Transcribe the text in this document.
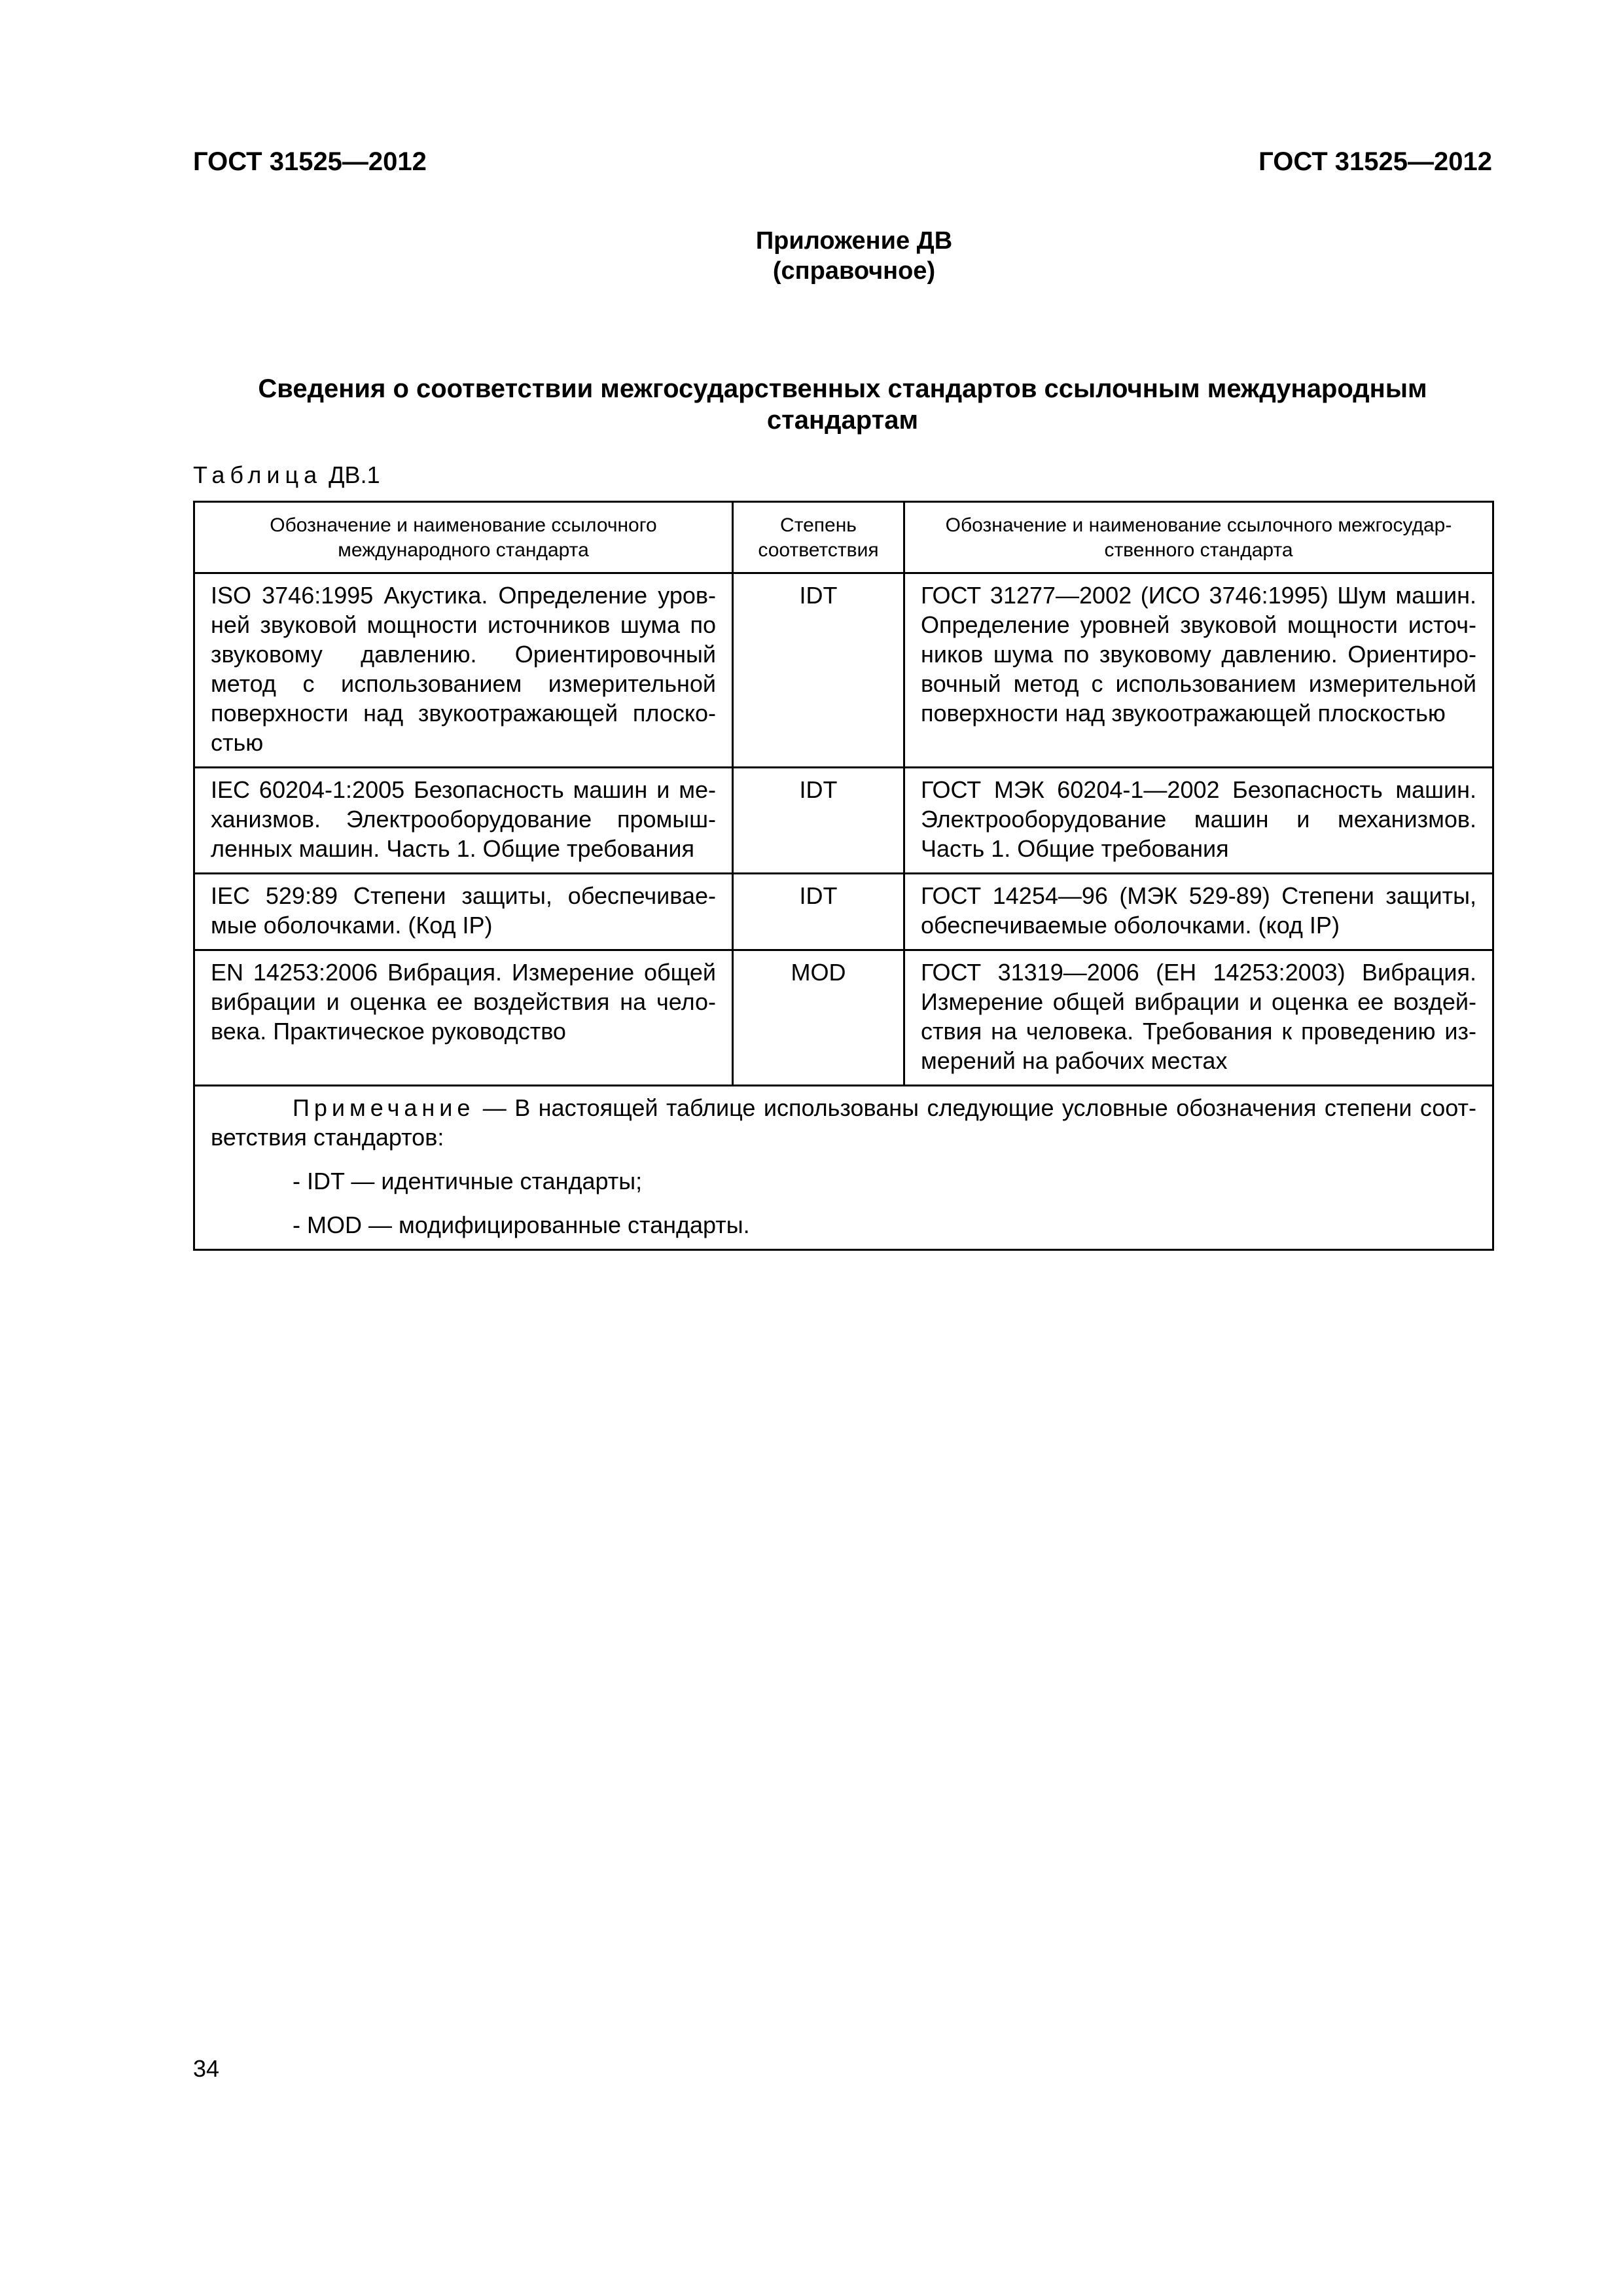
ГОСТ 31525—2012	ГОСТ 31525—2012
Приложение ДВ
(справочное)
Сведения о соответствии межгосударственных стандартов ссылочным международным
стандартам
Таблица ДВ.1
Обозначение и наименование ссылочного международного стандарта	Степень соответствия	Обозначение и наименование ссылочного межгосудар-ственного стандарта
ISO 3746:1995 Акустика. Определение уров-ней звуковой мощности источников шума по звуковому давлению. Ориентировочный метод с использованием измерительной поверхности над звукоотражающей плоско-стью	IDT	ГОСТ 31277—2002 (ИСО 3746:1995) Шум машин. Определение уровней звуковой мощности источ-ников шума по звуковому давлению. Ориентиро-вочный метод с использованием измерительной поверхности над звукоотражающей плоскостью
IEC 60204-1:2005 Безопасность машин и ме-ханизмов. Электрооборудование промыш-ленных машин. Часть 1. Общие требования	IDT	ГОСТ МЭК 60204-1—2002 Безопасность машин. Электрооборудование машин и механизмов. Часть 1. Общие требования
IEC 529:89 Степени защиты, обеспечивае-мые оболочками. (Код IP)	IDT	ГОСТ 14254—96 (МЭК 529-89) Степени защиты, обеспечиваемые оболочками. (код IP)
EN 14253:2006 Вибрация. Измерение общей вибрации и оценка ее воздействия на чело-века. Практическое руководство	MOD	ГОСТ 31319—2006 (ЕН 14253:2003) Вибрация. Измерение общей вибрации и оценка ее воздей-ствия на человека. Требования к проведению из-мерений на рабочих местах

Примечание — В настоящей таблице использованы следующие условные обозначения степени соот-ветствия стандартов:

- IDT — идентичные стандарты;
- MOD — модифицированные стандарты.		
34
